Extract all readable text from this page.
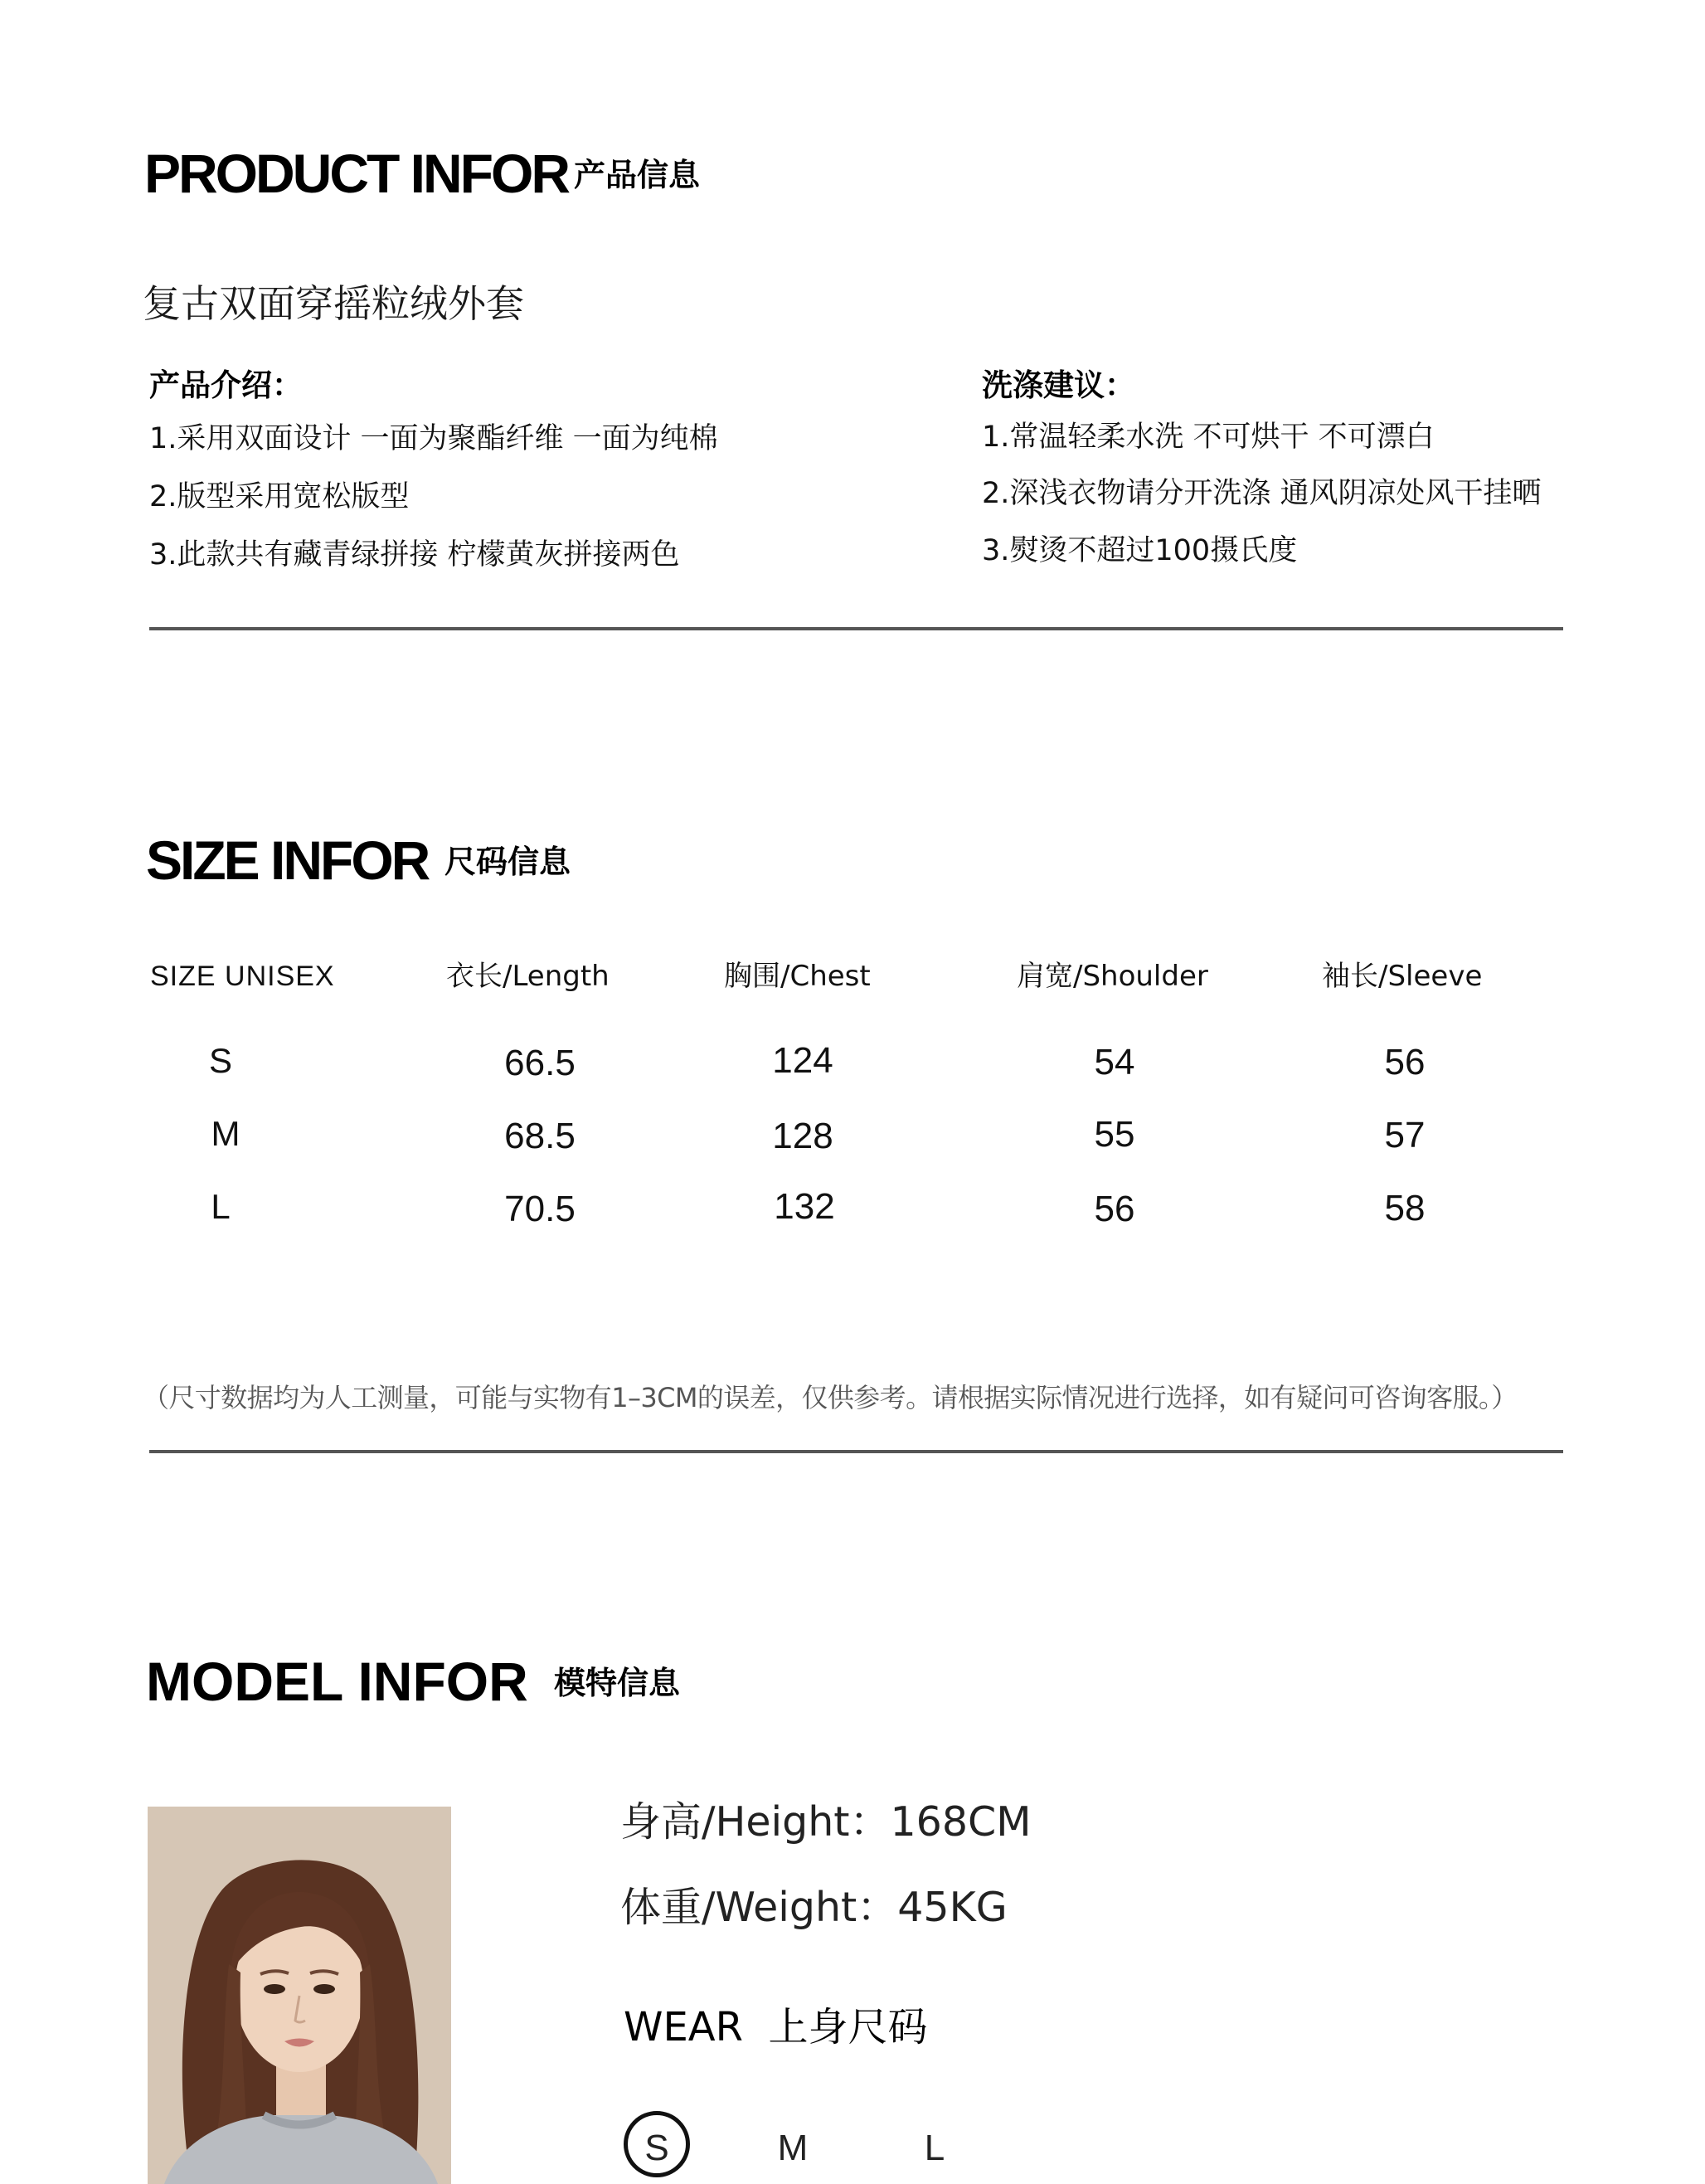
PRODUCT INFOR 产品信息
复古双面穿摇粒绒外套
产品介绍：
1.采用双面设计 一面为聚酯纤维 一面为纯棉
2.版型采用宽松版型
3.此款共有藏青绿拼接 柠檬黄灰拼接两色
洗涤建议：
1.常温轻柔水洗 不可烘干 不可漂白
2.深浅衣物请分开洗涤 通风阴凉处风干挂晒
3.熨烫不超过100摄氏度
SIZE INFOR 尺码信息
SIZE UNISEX	衣长/Length	胸围/Chest	肩宽/Shoulder	袖长/Sleeve
S	66.5	124	54	56
M	68.5	128	55	57
L	70.5	132	56	58
（尺寸数据均为人工测量，可能与实物有1–3CM的误差，仅供参考。请根据实际情况进行选择，如有疑问可咨询客服。）
MODEL INFOR 模特信息
身高/Height：168CM
体重/Weight：45KG
WEAR  上身尺码
S	M	L
